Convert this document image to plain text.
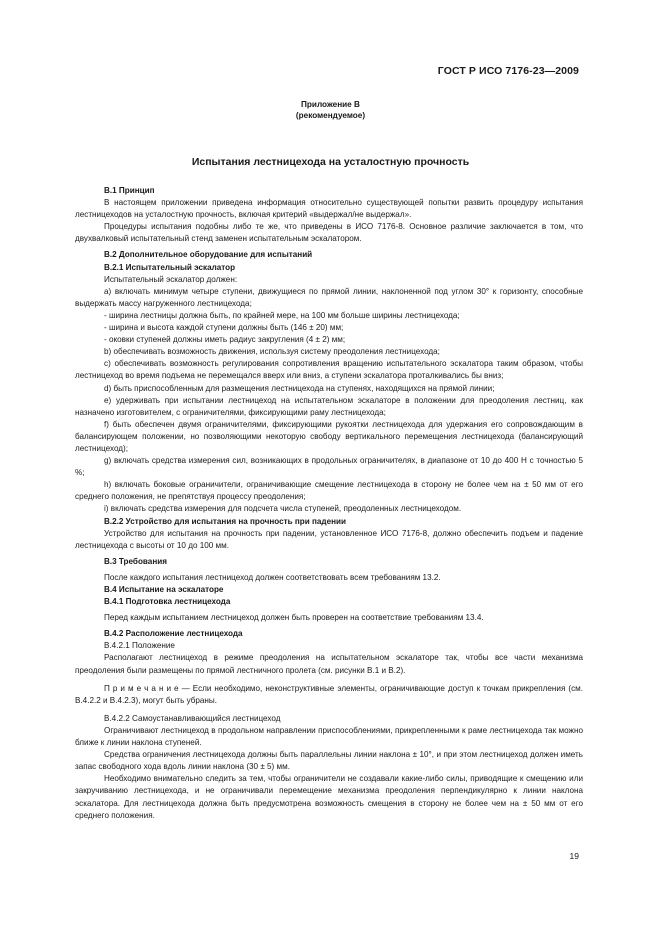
ГОСТ Р ИСО 7176-23—2009
Приложение В
(рекомендуемое)
Испытания лестницехода на усталостную прочность

В.1 Принцип

В настоящем приложении приведена информация относительно существующей попытки развить процедуру испытания лестницеходов на усталостную прочность, включая критерий «выдержал/не выдержал».

Процедуры испытания подобны либо те же, что приведены в ИСО 7176-8. Основное различие заключается в том, что двухвалковый испытательный стенд заменен испытательным эскалатором.

В.2 Дополнительное оборудование для испытаний

В.2.1 Испытательный эскалатор

Испытательный эскалатор должен:

a) включать минимум четыре ступени, движущиеся по прямой линии, наклоненной под углом 30° к горизонту, способные выдержать массу нагруженного лестницехода;

- ширина лестницы должна быть, по крайней мере, на 100 мм больше ширины лестницехода;

- ширина и высота каждой ступени должны быть (146 ± 20) мм;

- оковки ступеней должны иметь радиус закругления (4 ± 2) мм;

b) обеспечивать возможность движения, используя систему преодоления лестницехода;

c) обеспечивать возможность регулирования сопротивления вращению испытательного эскалатора таким образом, чтобы лестницеход во время подъема не перемещался вверх или вниз, а ступени эскалатора проталкивались бы вниз;

d) быть приспособленным для размещения лестницехода на ступенях, находящихся на прямой линии;

e) удерживать при испытании лестницеход на испытательном эскалаторе в положении для преодоления лестниц, как назначено изготовителем, с ограничителями, фиксирующими раму лестницехода;

f) быть обеспечен двумя ограничителями, фиксирующими рукоятки лестницехода для удержания его сопровождающим в балансирующем положении, но позволяющими некоторую свободу вертикального перемещения лестницехода (балансирующий лестницеход);

g) включать средства измерения сил, возникающих в продольных ограничителях, в диапазоне от 10 до 400 Н с точностью 5 %;

h) включать боковые ограничители, ограничивающие смещение лестницехода в сторону не более чем на ± 50 мм от его среднего положения, не препятствуя процессу преодоления;

i) включать средства измерения для подсчета числа ступеней, преодоленных лестницеходом.

В.2.2 Устройство для испытания на прочность при падении

Устройство для испытания на прочность при падении, установленное ИСО 7176-8, должно обеспечить подъем и падение лестницехода с высоты от 10 до 100 мм.

В.3 Требования

После каждого испытания лестницеход должен соответствовать всем требованиям 13.2.

В.4 Испытание на эскалаторе

В.4.1 Подготовка лестницехода

Перед каждым испытанием лестницеход должен быть проверен на соответствие требованиям 13.4.

В.4.2 Расположение лестницехода

В.4.2.1 Положение

Располагают лестницеход в режиме преодоления на испытательном эскалаторе так, чтобы все части механизма преодоления были размещены по прямой лестничного пролета (см. рисунки В.1 и В.2).

П р и м е ч а н и е — Если необходимо, неконструктивные элементы, ограничивающие доступ к точкам прикрепления (см. В.4.2.2 и В.4.2.3), могут быть убраны.

В.4.2.2 Самоустанавливающийся лестницеход

Ограничивают лестницеход в продольном направлении приспособлениями, прикрепленными к раме лестницехода так можно ближе к линии наклона ступеней.

Средства ограничения лестницехода должны быть параллельны линии наклона ± 10°, и при этом лестницеход должен иметь запас свободного хода вдоль линии наклона (30 ± 5) мм.

Необходимо внимательно следить за тем, чтобы ограничители не создавали какие-либо силы, приводящие к смещению или закручиванию лестницехода, и не ограничивали перемещение механизма преодоления перпендикулярно к линии наклона эскалатора. Для лестницехода должна быть предусмотрена возможность смещения в сторону не более чем на ± 50 мм от его среднего положения.

19
